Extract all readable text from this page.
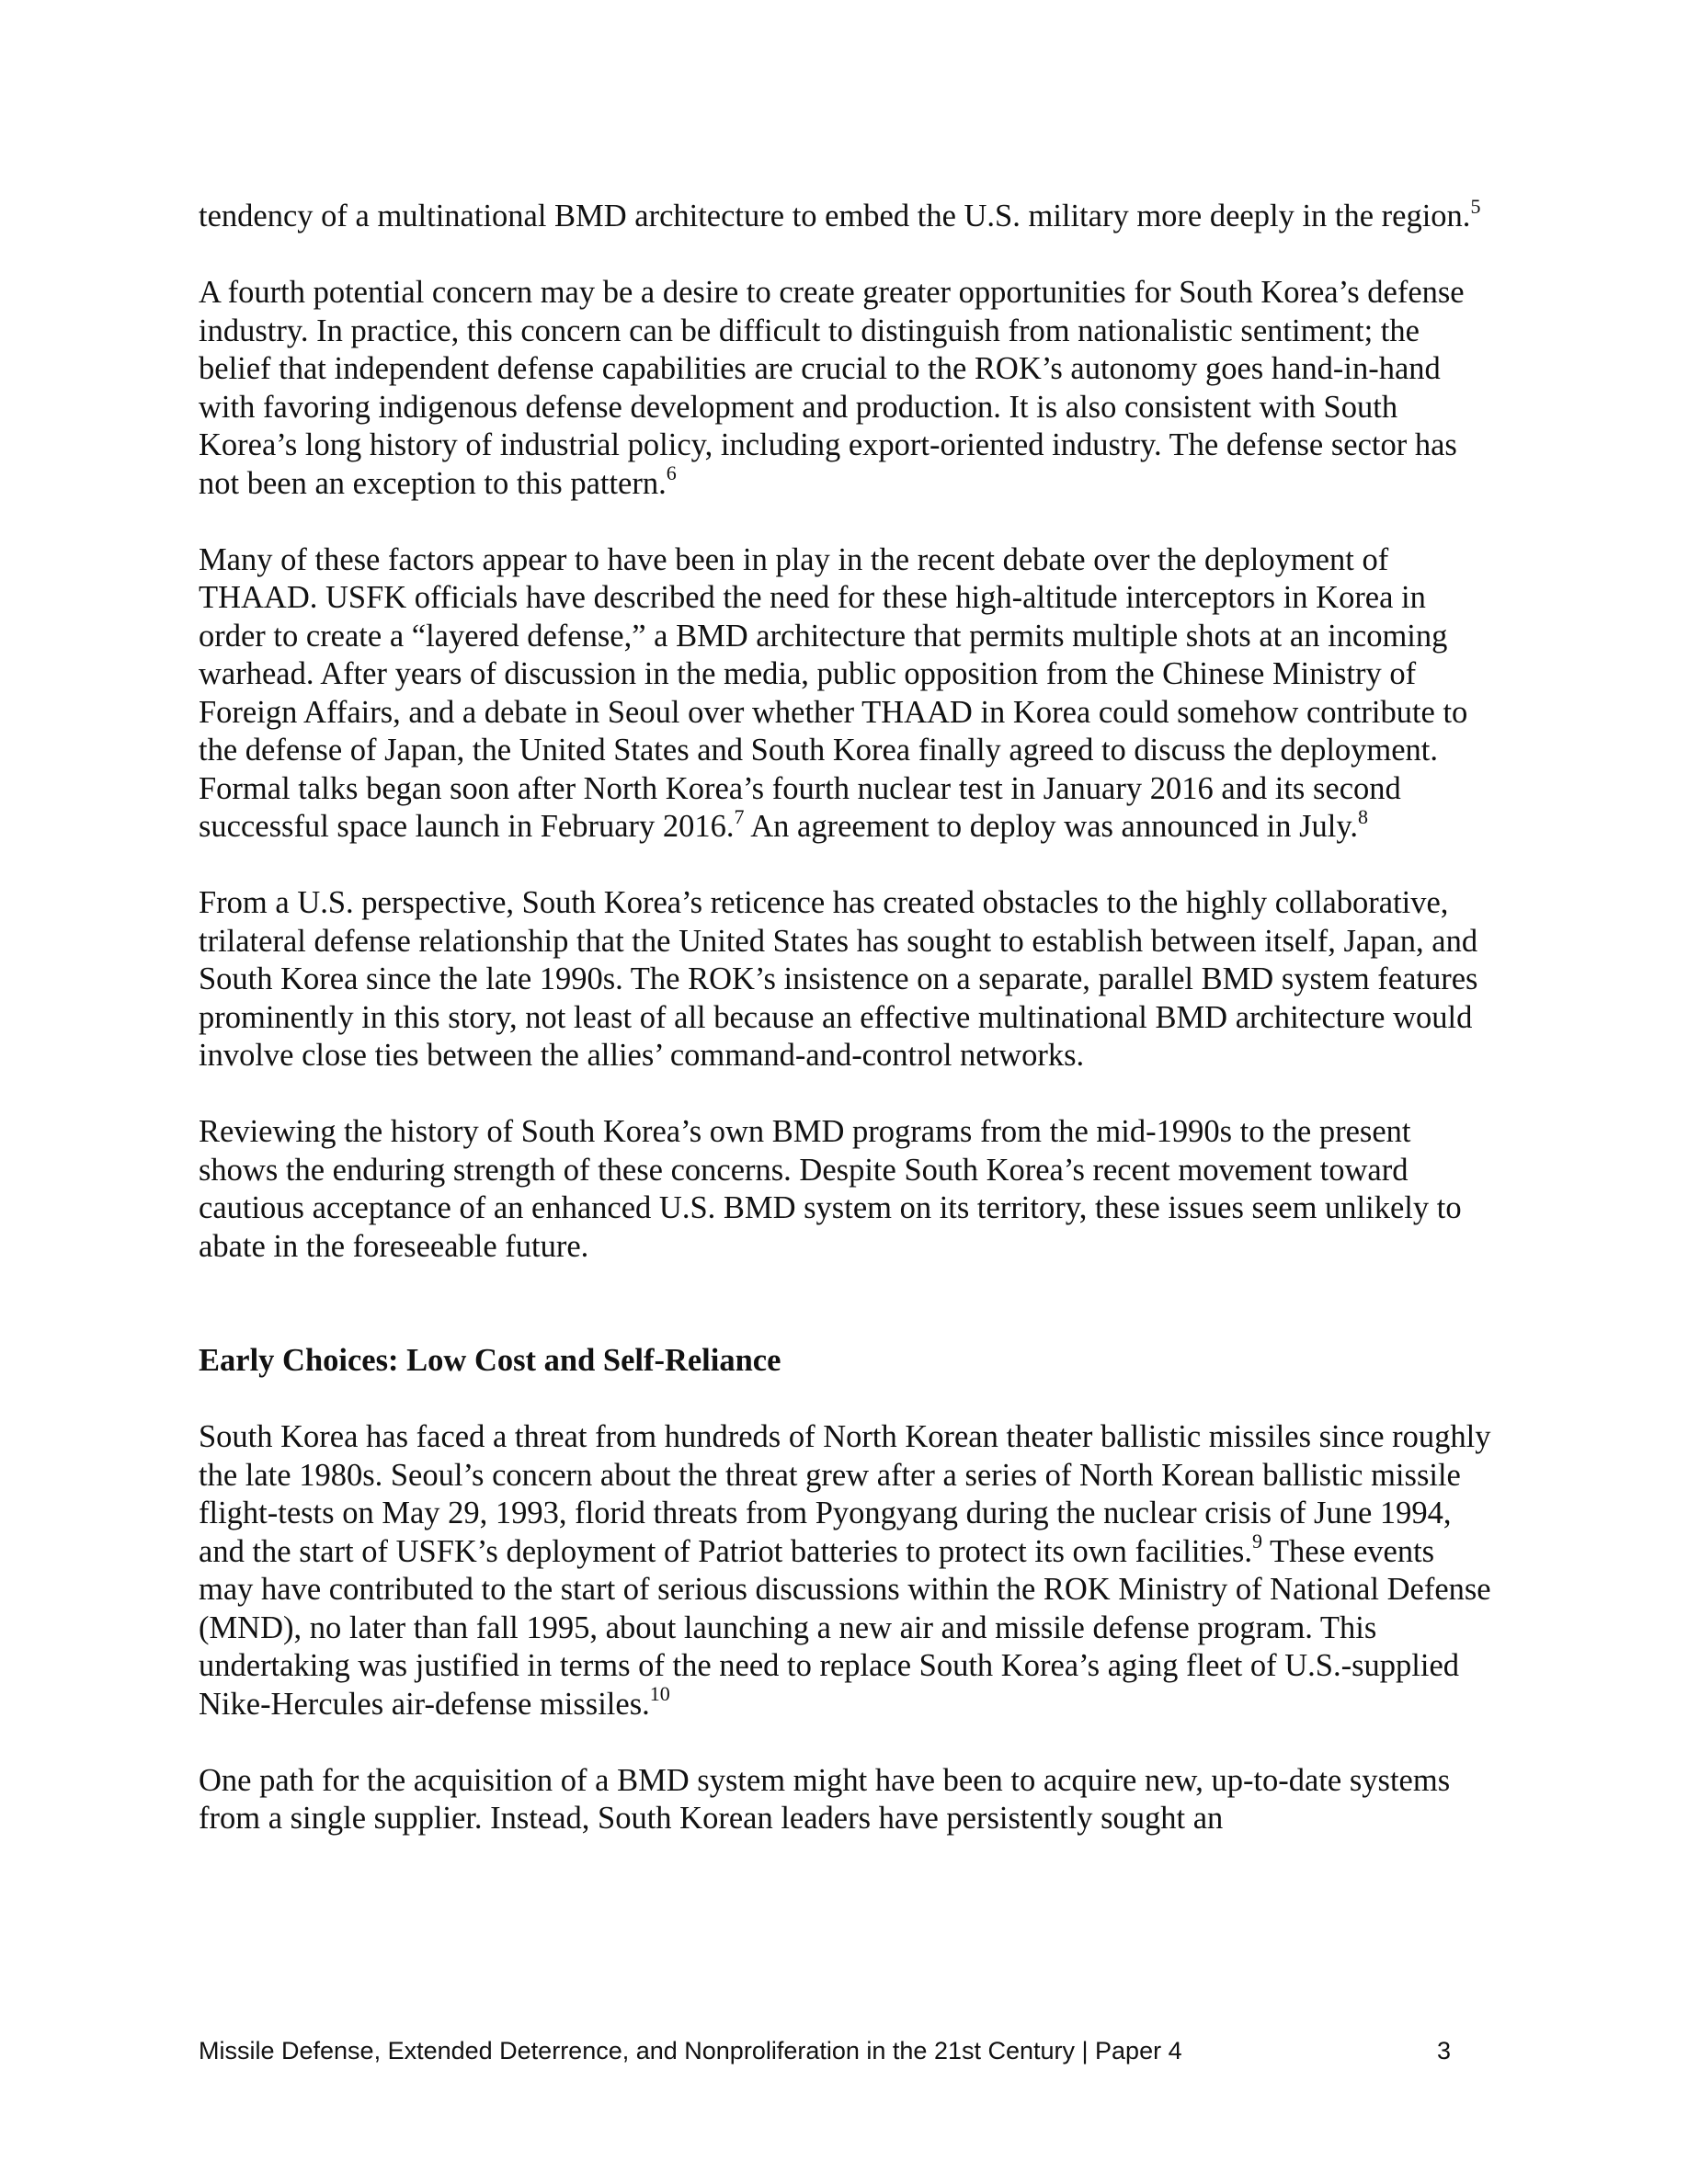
tendency of a multinational BMD architecture to embed the U.S. military more deeply in the region.$^5$

A fourth potential concern may be a desire to create greater opportunities for South Korea’s defense industry. In practice, this concern can be difficult to distinguish from nationalistic sentiment; the belief that independent defense capabilities are crucial to the ROK’s autonomy goes hand-in-hand with favoring indigenous defense development and production. It is also consistent with South Korea’s long history of industrial policy, including export-oriented industry. The defense sector has not been an exception to this pattern.$^6$

Many of these factors appear to have been in play in the recent debate over the deployment of THAAD. USFK officials have described the need for these high-altitude interceptors in Korea in order to create a “layered defense,” a BMD architecture that permits multiple shots at an incoming warhead. After years of discussion in the media, public opposition from the Chinese Ministry of Foreign Affairs, and a debate in Seoul over whether THAAD in Korea could somehow contribute to the defense of Japan, the United States and South Korea finally agreed to discuss the deployment. Formal talks began soon after North Korea’s fourth nuclear test in January 2016 and its second successful space launch in February 2016.$^7$ An agreement to deploy was announced in July.$^8$

From a U.S. perspective, South Korea’s reticence has created obstacles to the highly collaborative, trilateral defense relationship that the United States has sought to establish between itself, Japan, and South Korea since the late 1990s. The ROK’s insistence on a separate, parallel BMD system features prominently in this story, not least of all because an effective multinational BMD architecture would involve close ties between the allies’ command-and-control networks.

Reviewing the history of South Korea’s own BMD programs from the mid-1990s to the present shows the enduring strength of these concerns. Despite South Korea’s recent movement toward cautious acceptance of an enhanced U.S. BMD system on its territory, these issues seem unlikely to abate in the foreseeable future.

Early Choices: Low Cost and Self-Reliance

South Korea has faced a threat from hundreds of North Korean theater ballistic missiles since roughly the late 1980s. Seoul’s concern about the threat grew after a series of North Korean ballistic missile flight-tests on May 29, 1993, florid threats from Pyongyang during the nuclear crisis of June 1994, and the start of USFK’s deployment of Patriot batteries to protect its own facilities.$^9$ These events may have contributed to the start of serious discussions within the ROK Ministry of National Defense (MND), no later than fall 1995, about launching a new air and missile defense program. This undertaking was justified in terms of the need to replace South Korea’s aging fleet of U.S.-supplied Nike-Hercules air-defense missiles.$^{10}$

One path for the acquisition of a BMD system might have been to acquire new, up-to-date systems from a single supplier. Instead, South Korean leaders have persistently sought an

Missile Defense, Extended Deterrence, and Nonproliferation in the 21st Century | Paper 4	3
